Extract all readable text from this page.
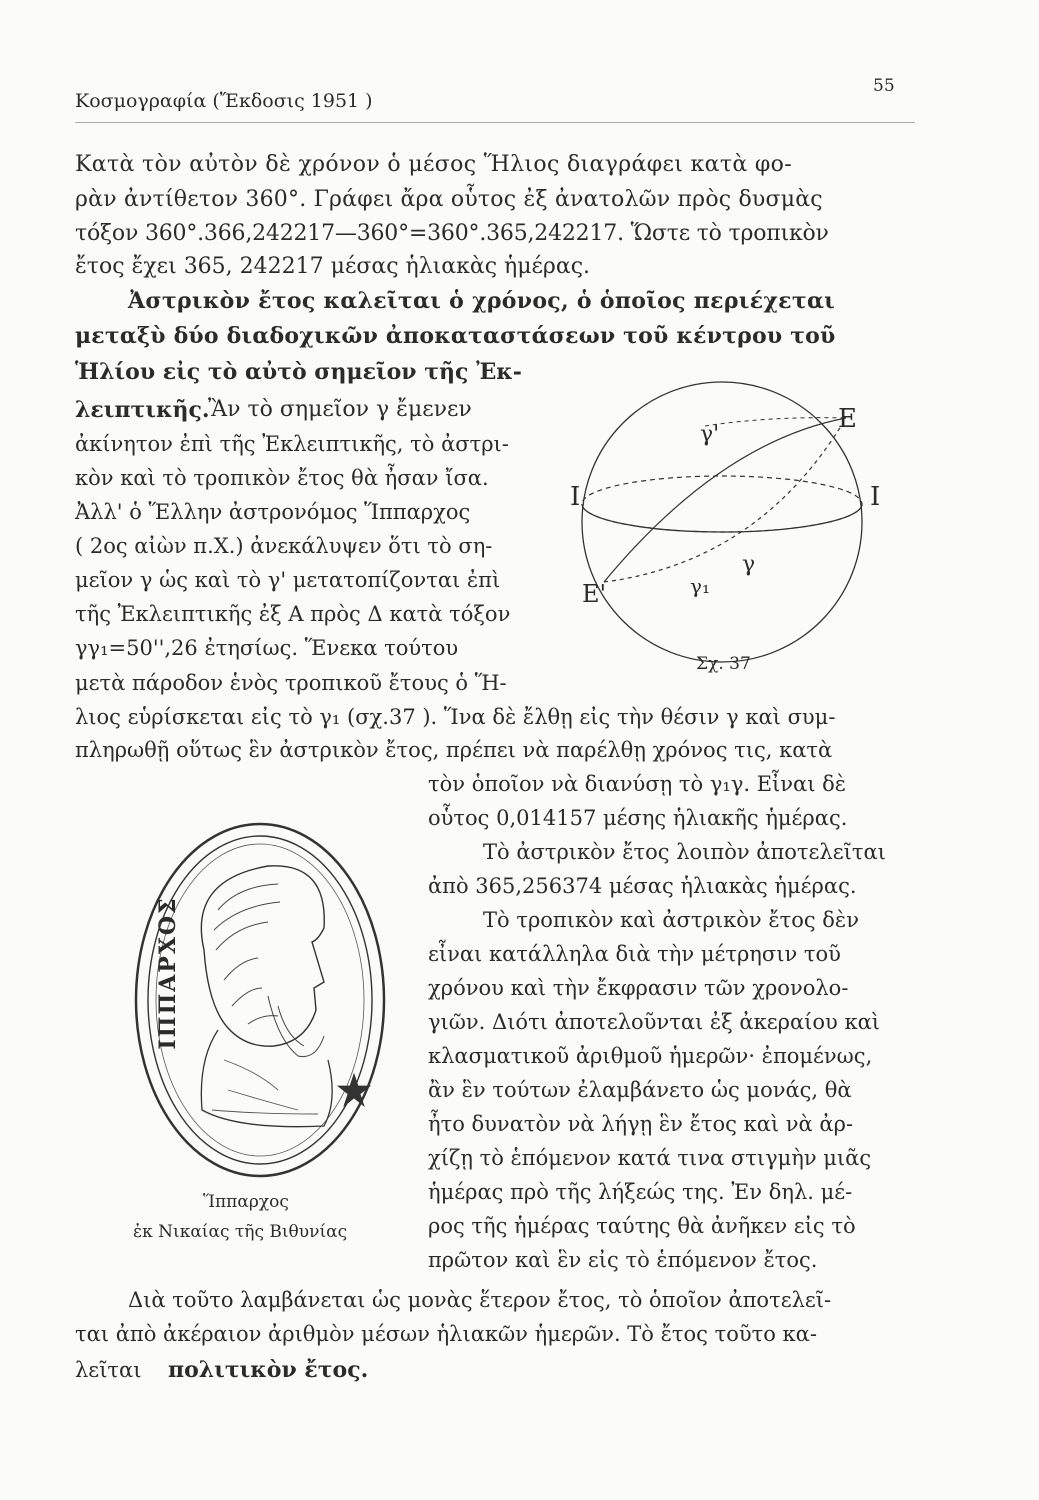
Κοσμογραφία (Ἔκδοσις 1951 )
55
Κατὰ τὸν αὐτὸν δὲ χρόνον ὁ μέσος Ἥλιος διαγράφει κατὰ φο-
ρὰν ἀντίθετον 360°. Γράφει ἄρα οὗτος ἐξ ἀνατολῶν πρὸς δυσμὰς
τόξον 360°.366,242217—360°=360°.365,242217. Ὥστε τὸ τροπικὸν
ἔτος ἔχει 365, 242217 μέσας ἡλιακὰς ἡμέρας.
Ἀστρικὸν ἔτος καλεῖται ὁ χρόνος, ὁ ὁποῖος περιέχεται
μεταξὺ δύο διαδοχικῶν ἀποκαταστάσεων τοῦ κέντρου τοῦ
Ἡλίου εἰς τὸ αὐτὸ σημεῖον τῆς Ἐκ-
λειπτικῆς.
Ἂν τὸ σημεῖον γ ἔμενεν
ἀκίνητον ἐπὶ τῆς Ἐκλειπτικῆς, τὸ ἀστρι-
κὸν καὶ τὸ τροπικὸν ἔτος θὰ ἦσαν ἴσα.
Ἀλλ' ὁ Ἕλλην ἀστρονόμος Ἵππαρχος
( 2ος αἰὼν π.Χ.) ἀνεκάλυψεν ὅτι τὸ ση-
μεῖον γ ὡς καὶ τὸ γ' μετατοπίζονται ἐπὶ
τῆς Ἐκλειπτικῆς ἐξ Α πρὸς Δ κατὰ τόξον
γγ₁=50'',26 ἐτησίως. Ἕνεκα τούτου
μετὰ πάροδον ἑνὸς τροπικοῦ ἔτους ὁ Ἥ-
λιος εὑρίσκεται εἰς τὸ γ₁ (σχ.37 ). Ἵνα δὲ ἔλθῃ εἰς τὴν θέσιν γ καὶ συμ-
πληρωθῇ οὕτως ἓν ἀστρικὸν ἔτος, πρέπει νὰ παρέλθῃ χρόνος τις, κατὰ
τὸν ὁποῖον νὰ διανύσῃ τὸ γ₁γ. Εἶναι δὲ
οὗτος 0,014157 μέσης ἡλιακῆς ἡμέρας.
Τὸ ἀστρικὸν ἔτος λοιπὸν ἀποτελεῖται
ἀπὸ 365,256374 μέσας ἡλιακὰς ἡμέρας.
Τὸ τροπικὸν καὶ ἀστρικὸν ἔτος δὲν
εἶναι κατάλληλα διὰ τὴν μέτρησιν τοῦ
χρόνου καὶ τὴν ἔκφρασιν τῶν χρονολο-
γιῶν. Διότι ἀποτελοῦνται ἐξ ἀκεραίου καὶ
κλασματικοῦ ἀριθμοῦ ἡμερῶν· ἐπομένως,
ἂν ἓν τούτων ἐλαμβάνετο ὡς μονάς, θὰ
ἦτο δυνατὸν νὰ λήγῃ ἓν ἔτος καὶ νὰ ἀρ-
χίζῃ τὸ ἑπόμενον κατά τινα στιγμὴν μιᾶς
ἡμέρας πρὸ τῆς λήξεώς της. Ἐν δηλ. μέ-
ρος τῆς ἡμέρας ταύτης θὰ ἀνῆκεν εἰς τὸ
πρῶτον καὶ ἓν εἰς τὸ ἑπόμενον ἔτος.
Διὰ τοῦτο λαμβάνεται ὡς μονὰς ἕτερον ἔτος, τὸ ὁποῖον ἀποτελεῖ-
ται ἀπὸ ἀκέραιον ἀριθμὸν μέσων ἡλιακῶν ἡμερῶν. Τὸ ἔτος τοῦτο κα-
λεῖται πολιτικὸν ἔτος.
E
γ'
I	I
E'
γ
γ₁
Σχ. 37
ΙΠΠΑΡΧΟΣ
Ἵππαρχος
ἐκ Νικαίας τῆς Βιθυνίας
